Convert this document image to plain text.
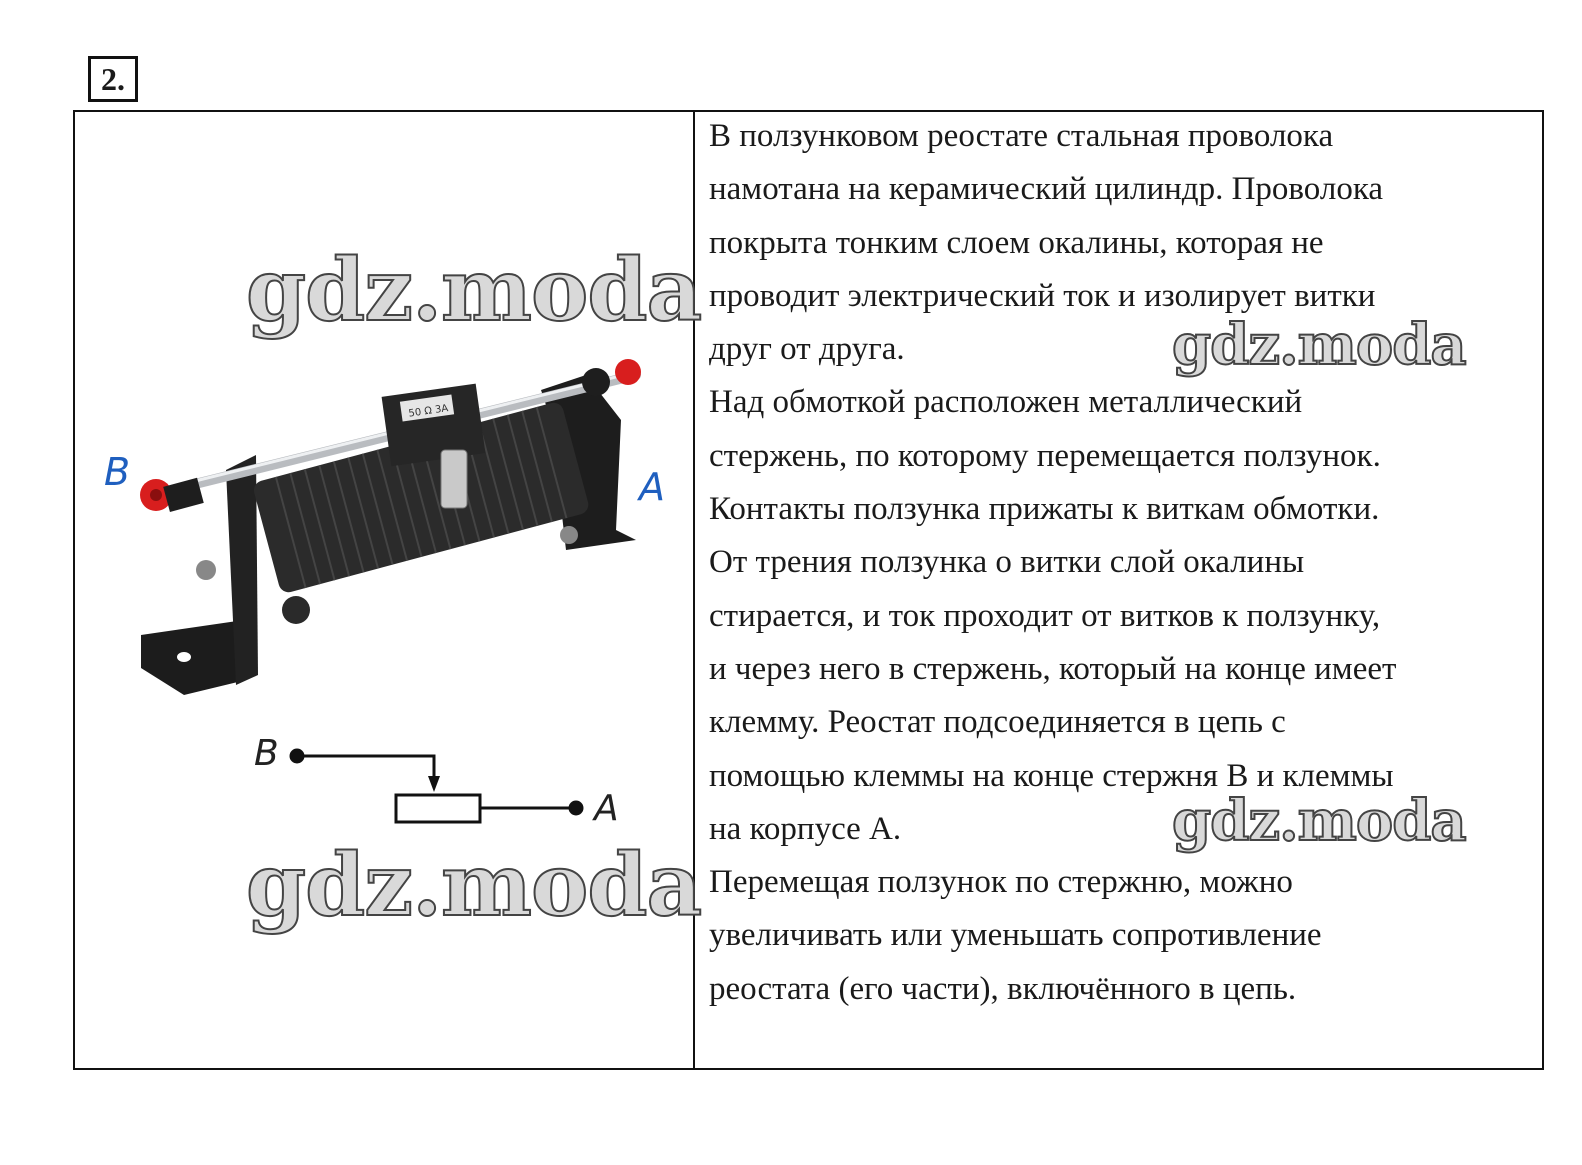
2.
50 Ω 3A
B	A
B
A

В ползунковом реостате стальная проволока

намотана на керамический цилиндр. Проволока

покрыта тонким слоем окалины, которая не

проводит электрический ток и изолирует витки

друг от друга.

Над обмоткой расположен металлический

стержень, по которому перемещается ползунок.

Контакты ползунка прижаты к виткам обмотки.

От трения ползунка о витки слой окалины

стирается, и ток проходит от витков к ползунку,

и через него в стержень, который на конце имеет

клемму. Реостат подсоединяется в цепь с

помощью клеммы на конце стержня В и клеммы

на корпусе А.

Перемещая ползунок по стержню, можно

увеличивать или уменьшать сопротивление

реостата (его части), включённого в цепь.

gdz.moda
gdz.moda
gdz.moda
gdz.moda
